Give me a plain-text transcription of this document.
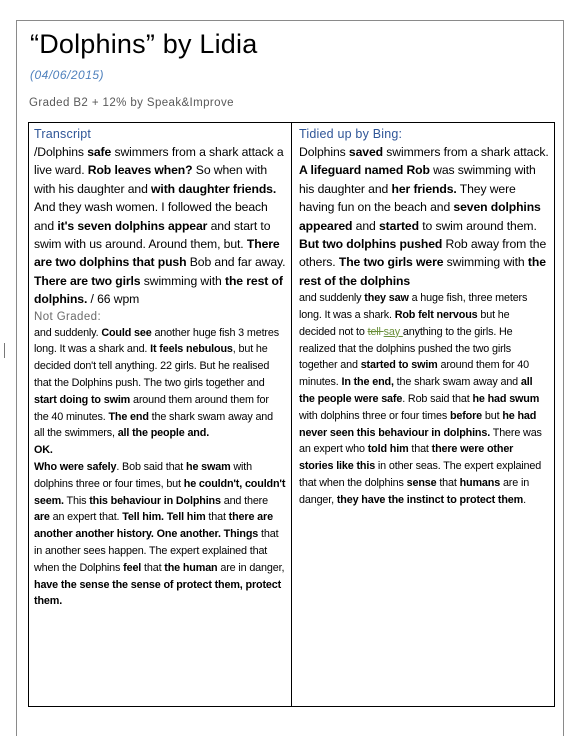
“Dolphins” by Lidia
(04/06/2015)
Graded B2 + 12% by Speak&Improve
Transcript
/Dolphins safe swimmers from a shark attack a live ward. Rob leaves when? So when with with his daughter and with daughter friends. And they wash women. I followed the beach and it's seven dolphins appear and start to swim with us around. Around them, but. There are two dolphins that push Bob and far away. There are two girls swimming with the rest of dolphins. / 66 wpm
Not Graded:
and suddenly. Could see another huge fish 3 metres long. It was a shark and. It feels nebulous, but he decided don't tell anything. 22 girls. But he realised that the Dolphins push. The two girls together and start doing to swim around them around them for the 40 minutes. The end the shark swam away and all the swimmers, all the people and.
OK.
Who were safely. Bob said that he swam with dolphins three or four times, but he couldn't, couldn't seem. This this behaviour in Dolphins and there are an expert that. Tell him. Tell him that there are another another history. One another. Things that in another sees happen. The expert explained that when the Dolphins feel that the human are in danger, have the sense the sense of protect them, protect them.
Tidied up by Bing:
Dolphins saved swimmers from a shark attack. A lifeguard named Rob was swimming with his daughter and her friends. They were having fun on the beach and seven dolphins appeared and started to swim around them. But two dolphins pushed Rob away from the others. The two girls were swimming with the rest of the dolphins
and suddenly they saw a huge fish, three meters long. It was a shark. Rob felt nervous but he decided not to tell say anything to the girls. He realized that the dolphins pushed the two girls together and started to swim around them for 40 minutes. In the end, the shark swam away and all the people were safe. Rob said that he had swum with dolphins three or four times before but he had never seen this behaviour in dolphins. There was an expert who told him that there were other stories like this in other seas. The expert explained that when the dolphins sense that humans are in danger, they have the instinct to protect them.
